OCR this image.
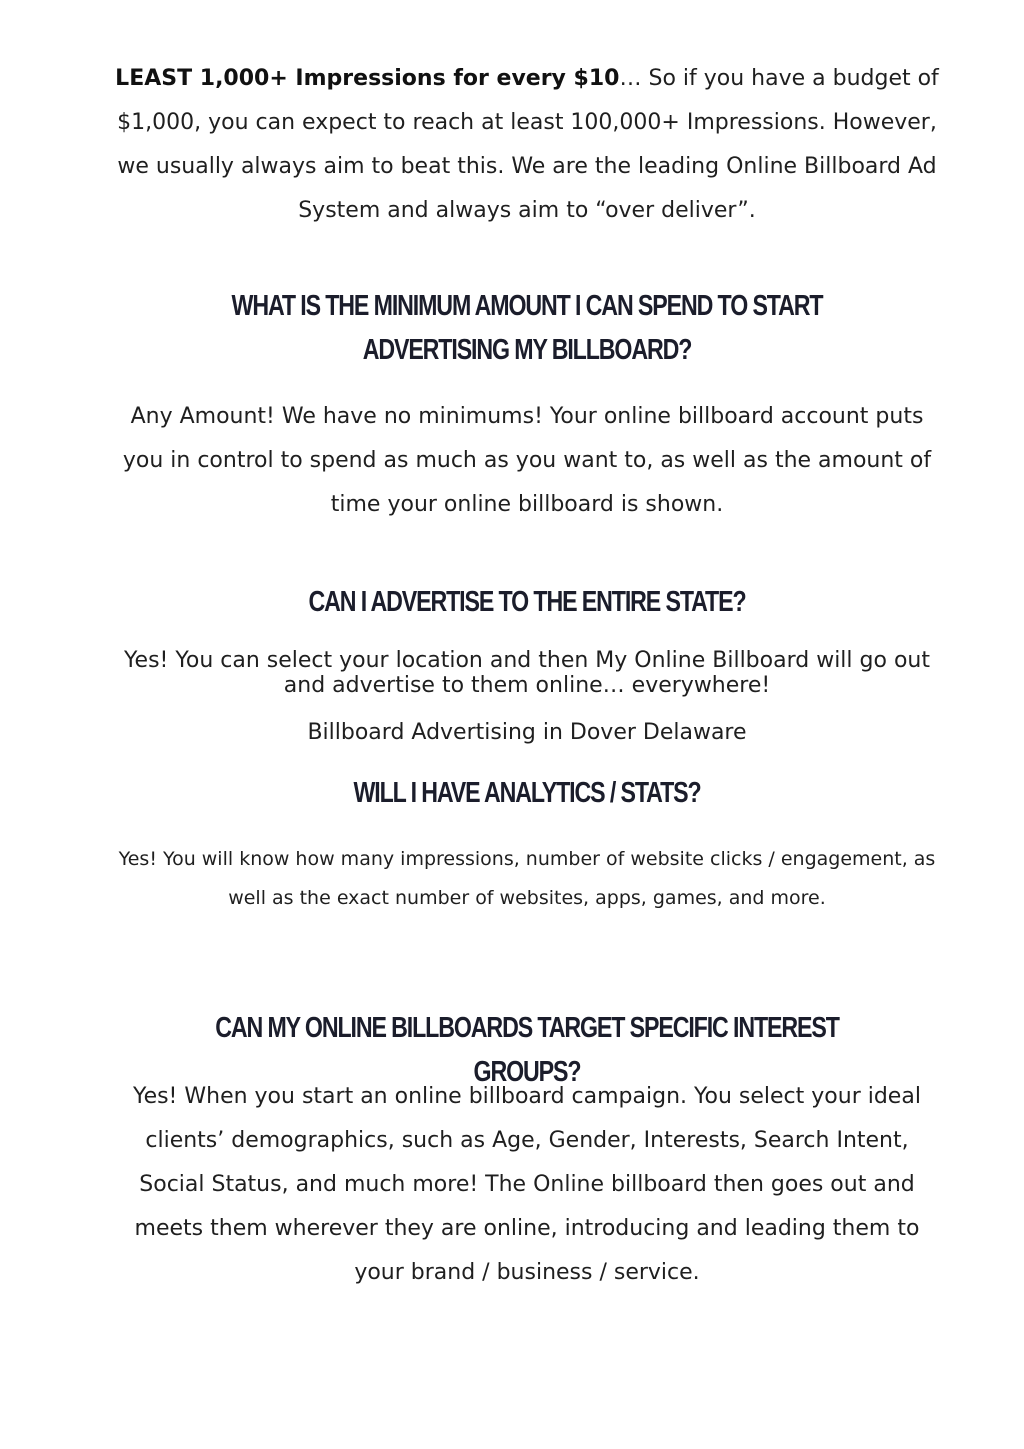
LEAST 1,000+ Impressions for every $10… So if you have a budget of $1,000, you can expect to reach at least 100,000+ Impressions. However, we usually always aim to beat this. We are the leading Online Billboard Ad System and always aim to “over deliver”.

WHAT IS THE MINIMUM AMOUNT I CAN SPEND TO START ADVERTISING MY BILLBOARD?

Any Amount! We have no minimums! Your online billboard account puts you in control to spend as much as you want to, as well as the amount of time your online billboard is shown.

CAN I ADVERTISE TO THE ENTIRE STATE?

Yes! You can select your location and then My Online Billboard will go out and advertise to them online… everywhere!

Billboard Advertising in Dover Delaware

WILL I HAVE ANALYTICS / STATS?

Yes! You will know how many impressions, number of website clicks / engagement, as well as the exact number of websites, apps, games, and more.

CAN MY ONLINE BILLBOARDS TARGET SPECIFIC INTEREST GROUPS?

Yes! When you start an online billboard campaign. You select your ideal clients’ demographics, such as Age, Gender, Interests, Search Intent, Social Status, and much more! The Online billboard then goes out and meets them wherever they are online, introducing and leading them to your brand / business / service.
